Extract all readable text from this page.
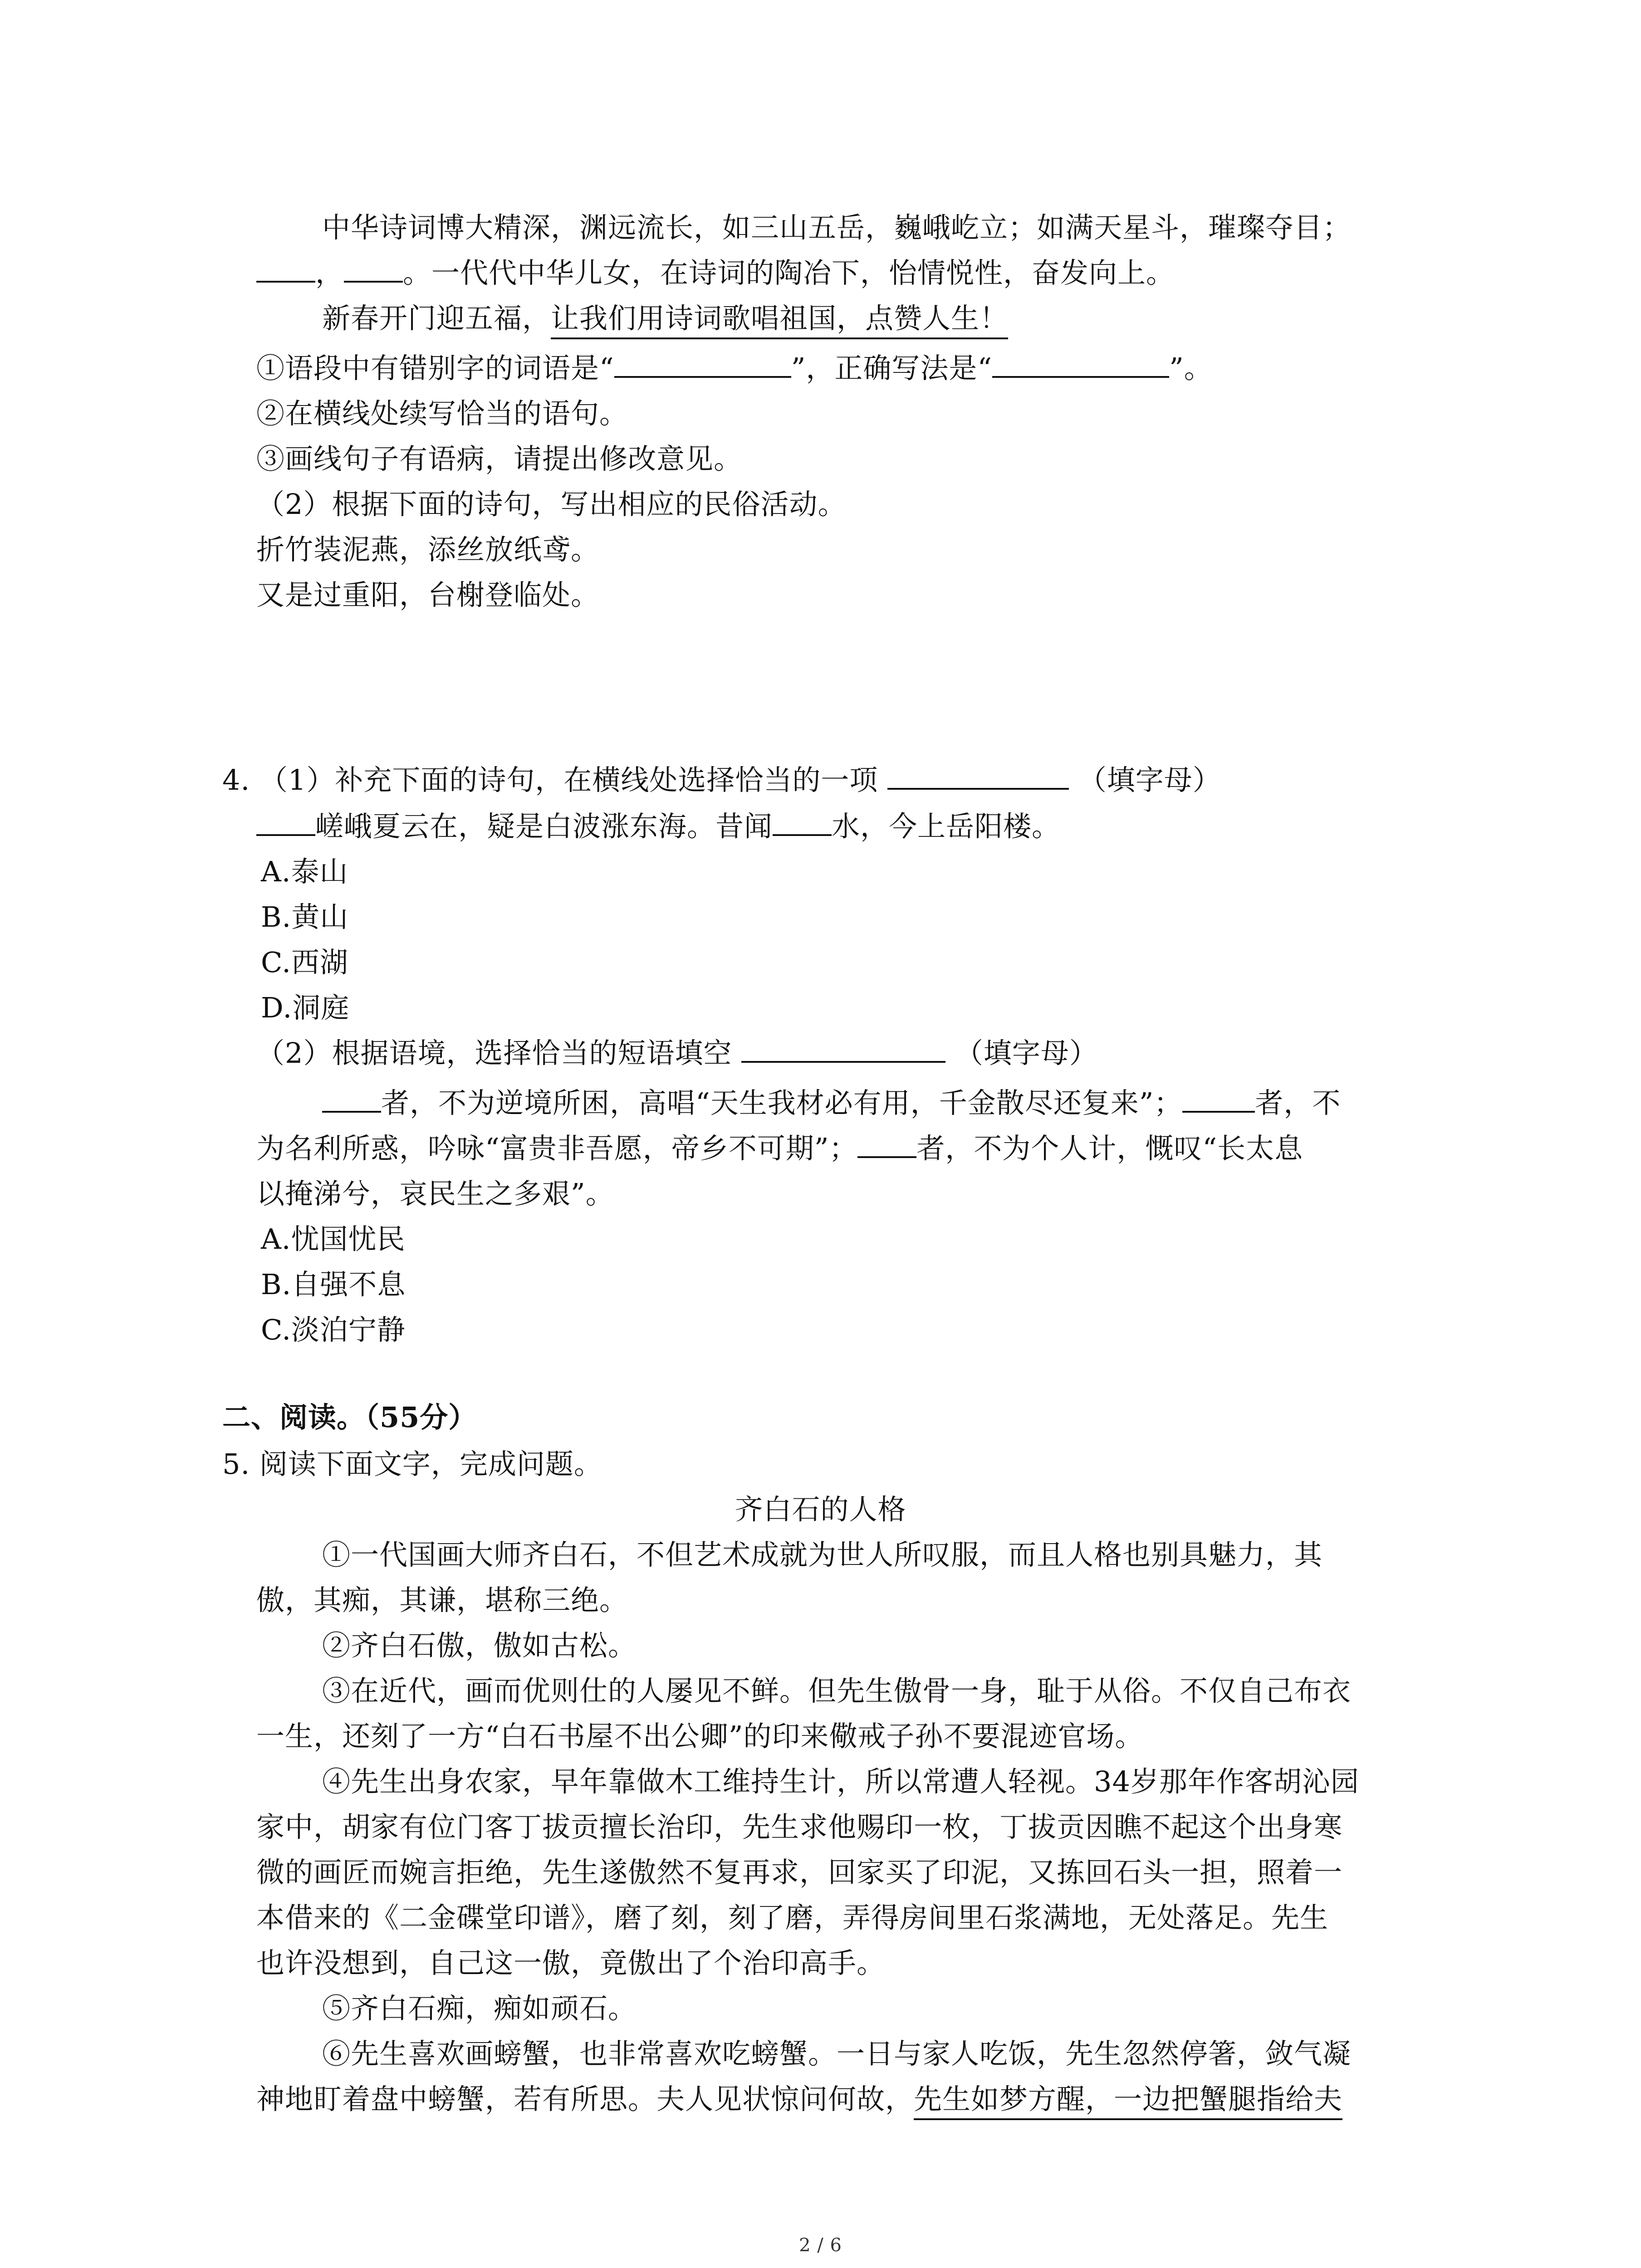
中华诗词博大精深，渊远流长，如三山五岳，巍峨屹立；如满天星斗，璀璨夺目；
， 。一代代中华儿女，在诗词的陶冶下，怡情悦性，奋发向上。
新春开门迎五福，让我们用诗词歌唱祖国，点赞人生！
①语段中有错别字的词语是“	”，正确写法是“	”。
②在横线处续写恰当的语句。
③画线句子有语病，请提出修改意见。
（2）根据下面的诗句，写出相应的民俗活动。
折竹装泥燕，添丝放纸鸢。
又是过重阳，台榭登临处。
4. （1）补充下面的诗句，在横线处选择恰当的一项	（填字母）
嵯峨夏云在，疑是白波涨东海。昔闻 水，今上岳阳楼。
A.泰山
B.黄山
C.西湖
D.洞庭
（2）根据语境，选择恰当的短语填空	（填字母）
者，不为逆境所困，高唱“天生我材必有用，千金散尽还复来”；	者，不
为名利所惑，吟咏“富贵非吾愿，帝乡不可期”； 者，不为个人计，慨叹“长太息
以掩涕兮，哀民生之多艰”。
A.忧国忧民
B.自强不息
C.淡泊宁静
二、阅读。（55分）
5. 阅读下面文字，完成问题。
齐白石的人格
①一代国画大师齐白石，不但艺术成就为世人所叹服，而且人格也别具魅力，其
傲，其痴，其谦，堪称三绝。
②齐白石傲，傲如古松。
③在近代，画而优则仕的人屡见不鲜。但先生傲骨一身，耻于从俗。不仅自己布衣
一生，还刻了一方“白石书屋不出公卿”的印来儆戒子孙不要混迹官场。
④先生出身农家，早年靠做木工维持生计，所以常遭人轻视。34岁那年作客胡沁园
家中，胡家有位门客丁拔贡擅长治印，先生求他赐印一枚，丁拔贡因瞧不起这个出身寒
微的画匠而婉言拒绝，先生遂傲然不复再求，回家买了印泥，又拣回石头一担，照着一
本借来的《二金碟堂印谱》，磨了刻，刻了磨，弄得房间里石浆满地，无处落足。先生
也许没想到，自己这一傲，竟傲出了个治印高手。
⑤齐白石痴，痴如顽石。
⑥先生喜欢画螃蟹，也非常喜欢吃螃蟹。一日与家人吃饭，先生忽然停箸，敛气凝
神地盯着盘中螃蟹，若有所思。夫人见状惊问何故，先生如梦方醒，一边把蟹腿指给夫
2 / 6
